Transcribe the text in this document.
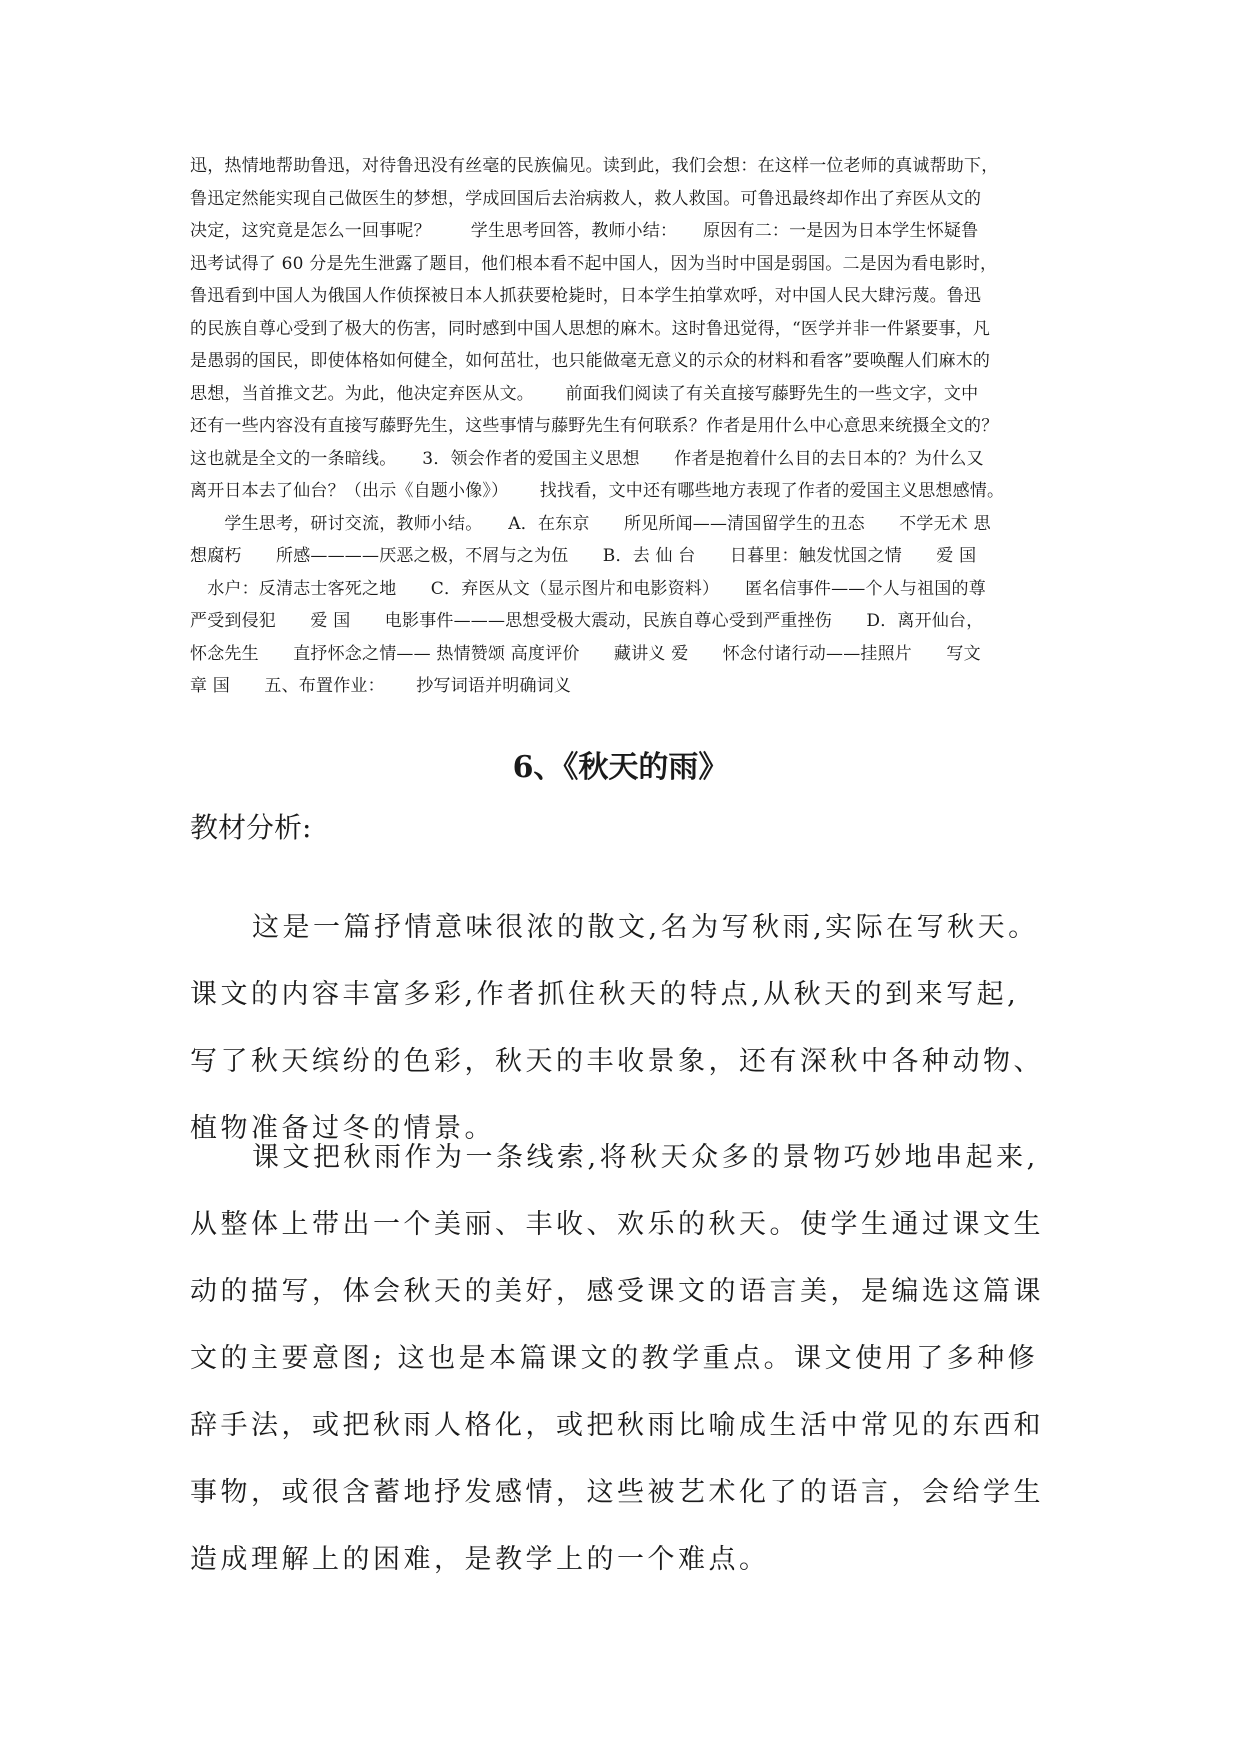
迅，热情地帮助鲁迅，对待鲁迅没有丝毫的民族偏见。读到此，我们会想：在这样一位老师的真诚帮助下，
鲁迅定然能实现自己做医生的梦想，学成回国后去治病救人，救人救国。可鲁迅最终却作出了弃医从文的
决定，这究竟是怎么一回事呢？　　 学生思考回答，教师小结：　　原因有二：一是因为日本学生怀疑鲁
迅考试得了 60 分是先生泄露了题目，他们根本看不起中国人，因为当时中国是弱国。二是因为看电影时，
鲁迅看到中国人为俄国人作侦探被日本人抓获要枪毙时，日本学生拍掌欢呼，对中国人民大肆污蔑。鲁迅
的民族自尊心受到了极大的伤害，同时感到中国人思想的麻木。这时鲁迅觉得，“医学并非一件紧要事，凡
是愚弱的国民，即使体格如何健全，如何茁壮，也只能做毫无意义的示众的材料和看客”要唤醒人们麻木的
思想，当首推文艺。为此，他决定弃医从文。　　 前面我们阅读了有关直接写藤野先生的一些文字，文中
还有一些内容没有直接写藤野先生，这些事情与藤野先生有何联系？作者是用什么中心意思来统摄全文的？
这也就是全文的一条暗线。　　3．领会作者的爱国主义思想　　作者是抱着什么目的去日本的？为什么又
离开日本去了仙台？（出示《自题小像》）　　 找找看，文中还有哪些地方表现了作者的爱国主义思想感情。
　　学生思考，研讨交流，教师小结。　　A．在东京　　所见所闻——清国留学生的丑态　　不学无术 思
想腐朽　　所感————厌恶之极，不屑与之为伍　　B．去 仙 台　　日暮里：触发忧国之情　　爱 国
　水户：反清志士客死之地　　C．弃医从文（显示图片和电影资料）　　匿名信事件——个人与祖国的尊
严受到侵犯　　爱 国　　电影事件———思想受极大震动，民族自尊心受到严重挫伤　　D．离开仙台，
怀念先生　　直抒怀念之情—— 热情赞颂 高度评价　　藏讲义 爱　　怀念付诸行动——挂照片　　写文
章 国　　五、布置作业：　　 抄写词语并明确词义
6、《秋天的雨》
教材分析:
这是一篇抒情意味很浓的散文,名为写秋雨,实际在写秋天。
课文的内容丰富多彩,作者抓住秋天的特点,从秋天的到来写起,
写了秋天缤纷的色彩，秋天的丰收景象，还有深秋中各种动物、
植物准备过冬的情景。
课文把秋雨作为一条线索,将秋天众多的景物巧妙地串起来,
从整体上带出一个美丽、丰收、欢乐的秋天。使学生通过课文生
动的描写，体会秋天的美好，感受课文的语言美，是编选这篇课
文的主要意图; 这也是本篇课文的教学重点。课文使用了多种修
辞手法，或把秋雨人格化，或把秋雨比喻成生活中常见的东西和
事物，或很含蓄地抒发感情，这些被艺术化了的语言，会给学生
造成理解上的困难，是教学上的一个难点。
